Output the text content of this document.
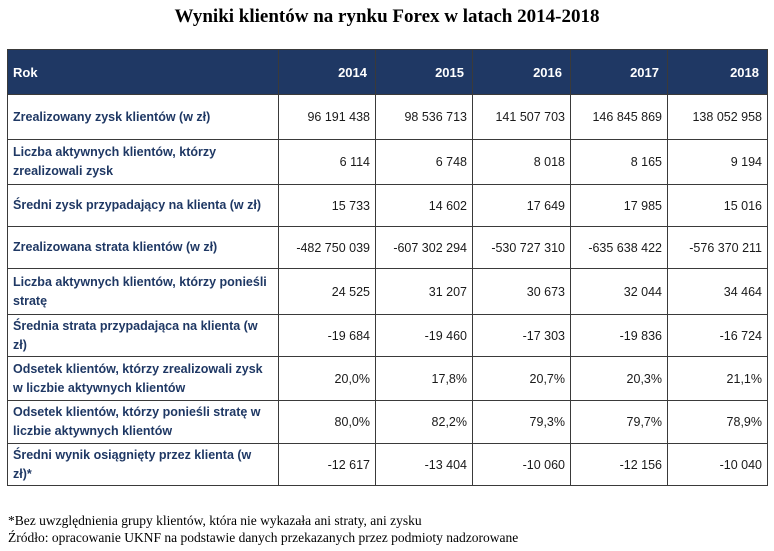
Wyniki klientów na rynku Forex w latach 2014-2018
Rok	2014	2015	2016	2017	2018
Zrealizowany zysk klientów (w zł)	96 191 438	98 536 713	141 507 703	146 845 869	138 052 958
Liczba aktywnych klientów, którzy zrealizowali zysk	6 114	6 748	8 018	8 165	9 194
Średni zysk przypadający na klienta (w zł)	15 733	14 602	17 649	17 985	15 016
Zrealizowana strata klientów (w zł)	-482 750 039	-607 302 294	-530 727 310	-635 638 422	-576 370 211
Liczba aktywnych klientów, którzy ponieśli stratę	24 525	31 207	30 673	32 044	34 464
Średnia strata przypadająca na klienta (w zł)	-19 684	-19 460	-17 303	-19 836	-16 724
Odsetek klientów, którzy zrealizowali zysk w liczbie aktywnych klientów	20,0%	17,8%	20,7%	20,3%	21,1%
Odsetek klientów, którzy ponieśli stratę w liczbie aktywnych klientów	80,0%	82,2%	79,3%	79,7%	78,9%
Średni wynik osiągnięty przez klienta (w zł)*	-12 617	-13 404	-10 060	-12 156	-10 040
*Bez uwzględnienia grupy klientów, która nie wykazała ani straty, ani zysku
Źródło: opracowanie UKNF na podstawie danych przekazanych przez podmioty nadzorowane
